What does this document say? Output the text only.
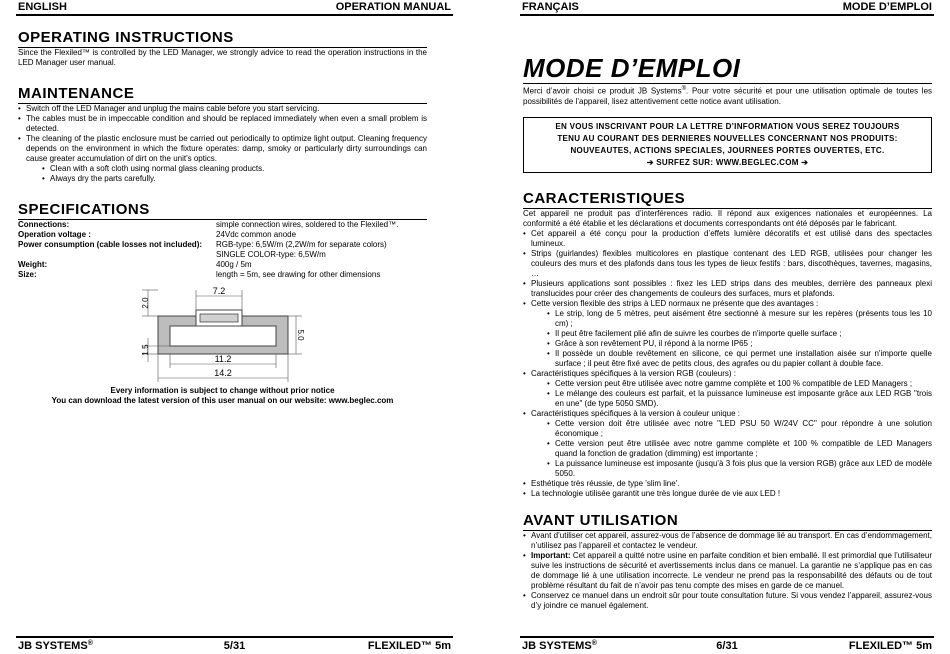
ENGLISH	OPERATION MANUAL
OPERATING INSTRUCTIONS

Since the Flexiled™ is controlled by the LED Manager, we strongly advice to read the operation instructions in the LED Manager user manual.

MAINTENANCE
• Switch off the LED Manager and unplug the mains cable before you start servicing.
• The cables must be in impeccable condition and should be replaced immediately when even a small problem is detected.
• The cleaning of the plastic enclosure must be carried out periodically to optimize light output. Cleaning frequency depends on the environment in which the fixture operates: damp, smoky or particularly dirty surroundings can cause greater accumulation of dirt on the unit's optics.
• Clean with a soft cloth using normal glass cleaning products.
• Always dry the parts carefully.
SPECIFICATIONS
Connections:	simple connection wires, soldered to the Flexiled™.
Operation voltage :	24Vdc common anode
Power consumption (cable losses not included):	RGB-type: 6,5W/m (2,2W/m for separate colors)
SINGLE COLOR-type: 6,5W/m
Weight:	400g / 5m
Size:	length = 5m, see drawing for other dimensions
7.2
2.0
5.0
1.5
11.2
14.2

Every information is subject to change without prior notice

You can download the latest version of this user manual on our website: www.beglec.com

JB SYSTEMS®	5/31	FLEXILED™ 5m
FRANÇAIS	MODE D’EMPLOI
MODE D’EMPLOI

Merci d’avoir choisi ce produit JB Systems®. Pour votre sécurité et pour une utilisation optimale de toutes les possibilités de l’appareil, lisez attentivement cette notice avant utilisation.

EN VOUS INSCRIVANT POUR LA LETTRE D’INFORMATION VOUS SEREZ TOUJOURS
TENU AU COURANT DES DERNIERES NOUVELLES CONCERNANT NOS PRODUITS:
NOUVEAUTES, ACTIONS SPECIALES, JOURNEES PORTES OUVERTES, ETC.
➔ SURFEZ SUR: WWW.BEGLEC.COM ➔
CARACTERISTIQUES

Cet appareil ne produit pas d’interférences radio. Il répond aux exigences nationales et européennes. La conformité a été établie et les déclarations et documents correspondants ont été déposés par le fabricant.

• Cet appareil a été conçu pour la production d’effets lumière décoratifs et est utilisé dans des spectacles lumineux.
• Strips (guirlandes) flexibles multicolores en plastique contenant des LED RGB, utilisées pour changer les couleurs des murs et des plafonds dans tous les types de lieux festifs : bars, discothèques, tavernes, magasins, …
• Plusieurs applications sont possibles : fixez les LED strips dans des meubles, derrière des panneaux plexi translucides pour créer des changements de couleurs des surfaces, murs et plafonds.
• Cette version flexible des strips à LED normaux ne présente que des avantages :
• Le strip, long de 5 mètres, peut aisément être sectionné à mesure sur les repères (présents tous les 10 cm) ;
• Il peut être facilement plié afin de suivre les courbes de n'importe quelle surface ;
• Grâce à son revêtement PU, il répond à la norme IP65 ;
• Il possède un double revêtement en silicone, ce qui permet une installation aisée sur n'importe quelle surface ; il peut être fixé avec de petits clous, des agrafes ou du papier collant à double face.
• Caractéristiques spécifiques à la version RGB (couleurs) :
• Cette version peut être utilisée avec notre gamme complète et 100 % compatible de LED Managers ;
• Le mélange des couleurs est parfait, et la puissance lumineuse est imposante grâce aux LED RGB "trois en une" (de type 5050 SMD).
• Caractéristiques spécifiques à la version à couleur unique :
• Cette version doit être utilisée avec notre "LED PSU 50 W/24V CC" pour répondre à une solution économique ;
• Cette version peut être utilisée avec notre gamme complète et 100 % compatible de LED Managers quand la fonction de gradation (dimming) est importante ;
• La puissance lumineuse est imposante (jusqu'à 3 fois plus que la version RGB) grâce aux LED de modèle 5050.
• Esthétique très réussie, de type 'slim line'.
• La technologie utilisée garantit une très longue durée de vie aux LED !
AVANT UTILISATION
• Avant d’utiliser cet appareil, assurez-vous de l’absence de dommage lié au transport. En cas d’endommagement, n’utilisez pas l’appareil et contactez le vendeur.
• Important: Cet appareil a quitté notre usine en parfaite condition et bien emballé. Il est primordial que l’utilisateur suive les instructions de sécurité et avertissements inclus dans ce manuel. La garantie ne s’applique pas en cas de dommage lié à une utilisation incorrecte. Le vendeur ne prend pas la responsabilité des défauts ou de tout problème résultant du fait de n’avoir pas tenu compte des mises en garde de ce manuel.
• Conservez ce manuel dans un endroit sûr pour toute consultation future. Si vous vendez l’appareil, assurez-vous d’y joindre ce manuel également.
JB SYSTEMS®	6/31	FLEXILED™ 5m
